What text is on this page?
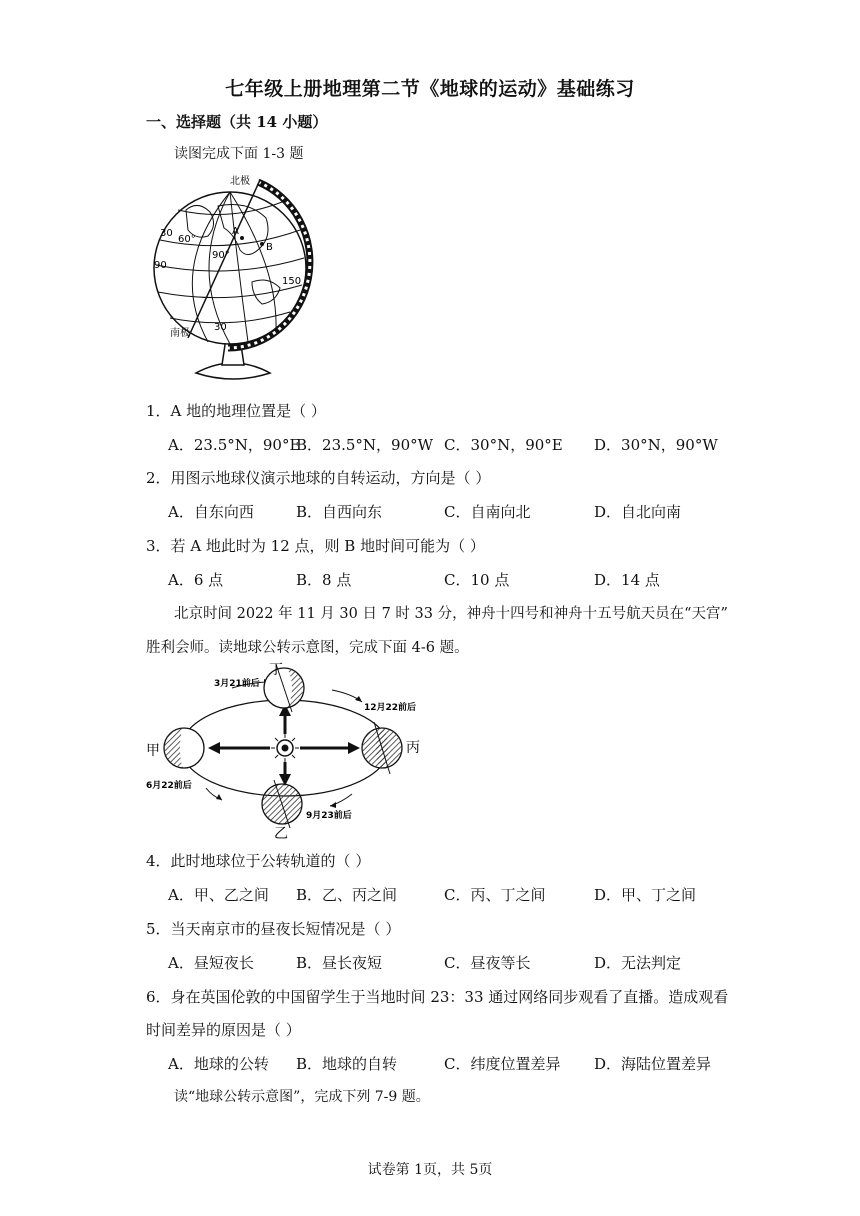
七年级上册地理第二节《地球的运动》基础练习
一、选择题（共 14 小题）
读图完成下面 1-3 题
北极
南极
A
B
30
60°
90
90°
150
30
1．A 地的地理位置是（ ）
A．23.5°N，90°E
B．23.5°N，90°W C．30°N，90°E D．30°N，90°W
2．用图示地球仪演示地球的自转运动，方向是（ ）
A．自东向西	B．自西向东	C．自南向北	D．自北向南
3．若 A 地此时为 12 点，则 B 地时间可能为（ ）
A．6 点	B．8 点	C．10 点	D．14 点
北京时间 2022 年 11 月 30 日 7 时 33 分，神舟十四号和神舟十五号航天员在“天宫”
胜利会师。读地球公转示意图，完成下面 4-6 题。
丁
甲	丙
乙
3月21前后
12月22前后
6月22前后
9月23前后
4．此时地球位于公转轨道的（ ）
A．甲、乙之间 B．乙、丙之间	C．丙、丁之间	D．甲、丁之间
5．当天南京市的昼夜长短情况是（ ）
A．昼短夜长	B．昼长夜短	C．昼夜等长	D．无法判定
6．身在英国伦敦的中国留学生于当地时间 23：33 通过网络同步观看了直播。造成观看
时间差异的原因是（ ）
A．地球的公转 B．地球的自转	C．纬度位置差异 D．海陆位置差异
读“地球公转示意图”，完成下列 7-9 题。
试卷第 1页，共 5页
